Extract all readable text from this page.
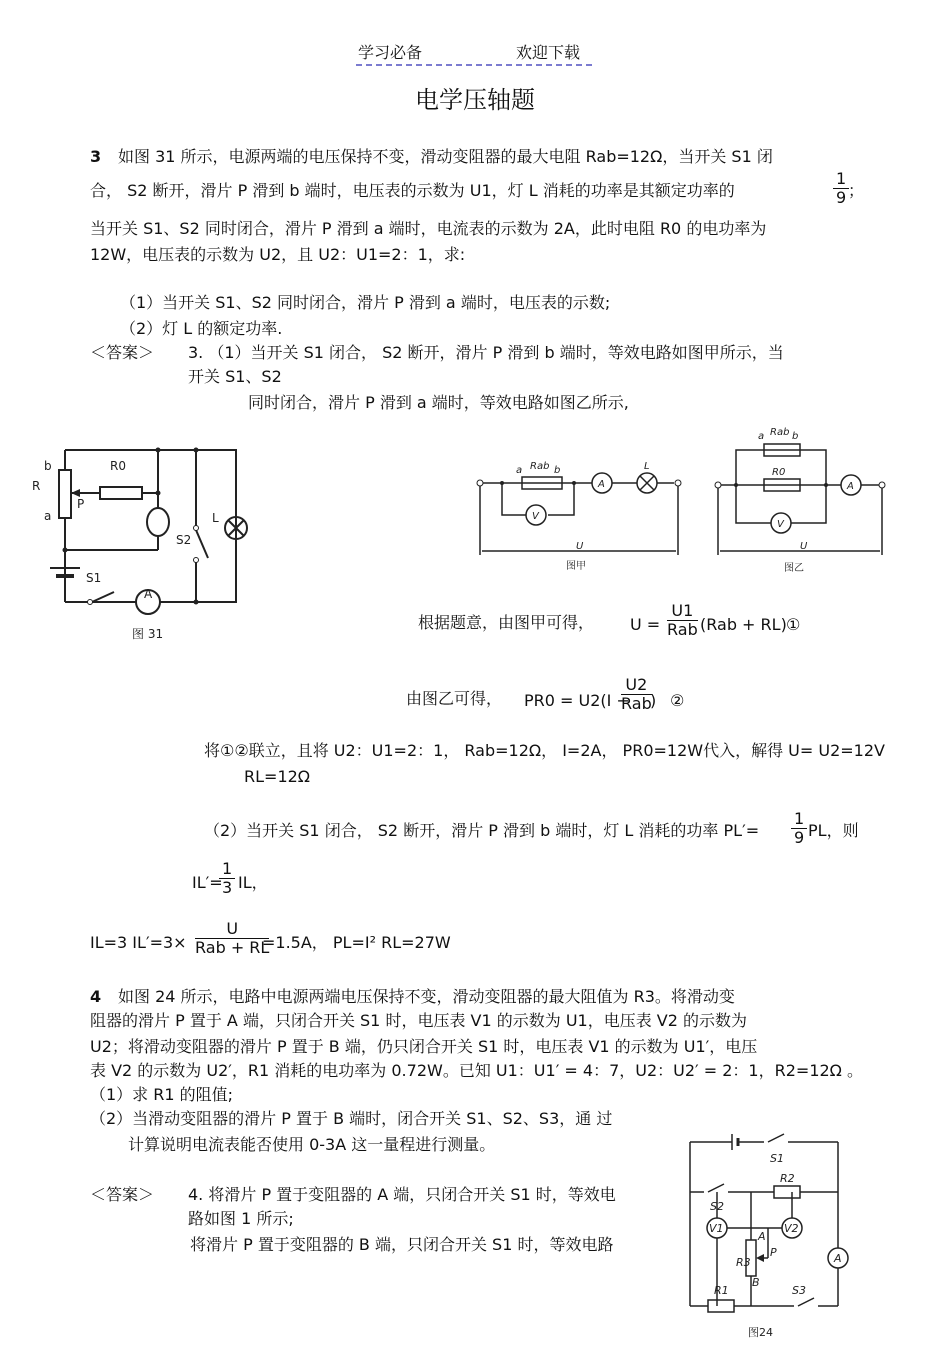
学习必备	欢迎下载
电学压轴题
3 如图 31 所示，电源两端的电压保持不变，滑动变阻器的最大电阻 Rab=12Ω，当开关 S1 闭
合， S2 断开，滑片 P 滑到 b 端时，电压表的示数为 U1，灯 L 消耗的功率是其额定功率的	$\frac{1}{9}$
；
当开关 S1、S2 同时闭合，滑片 P 滑到 a 端时，电流表的示数为 2A，此时电阻 R0 的电功率为
12W，电压表的示数为 U2，且 U2：U1=2：1，求:
（1）当开关 S1、S2 同时闭合，滑片 P 滑到 a 端时，电压表的示数;
（2）灯 L 的额定功率.
＜答案＞ 3. （1）当开关 S1 闭合， S2 断开，滑片 P 滑到 b 端时，等效电路如图甲所示，当
开关 S1、S2
同时闭合，滑片 P 滑到 a 端时，等效电路如图乙所示,
b
R
a
P
R0
L
S2
S1
A
图 31
a Rab b
A
L
V
U
图甲
a Rab b
R0
A
V
U
图乙
根据题意，由图甲可得， $U = \frac{U1}{\text{Rab}} (Rab + RL)$ ①
由图乙可得， PR0 = U2(I −
$\frac{U2}{\text{Rab}}$
) ②
将①②联立，且将 U2：U1=2：1， Rab=12Ω， I=2A， PR0=12W代入，解得 U= U2=12V
RL=12Ω
（2）当开关 S1 闭合， S2 断开，滑片 P 滑到 b 端时，灯 L 消耗的功率 $PL'= \frac{1}{9}$ PL，则
IL′=
$\frac{1}{3}$ IL，
IL=3 $IL'=3\times \frac{U}{\text{Rab + RL}}$
=1.5A， PL=I² RL=27W
4 如图 24 所示，电路中电源两端电压保持不变，滑动变阻器的最大阻值为 R3。将滑动变
阻器的滑片 P 置于 A 端，只闭合开关 S1 时，电压表 V1 的示数为 U1，电压表 V2 的示数为
U2；将滑动变阻器的滑片 P 置于 B 端，仍只闭合开关 S1 时，电压表 V1 的示数为 U1′，电压
表 V2 的示数为 U2′，R1 消耗的电功率为 0.72W。已知 U1：U1′ = 4：7，U2：U2′ = 2：1，R2=12Ω 。
（1）求 R1 的阻值;
（2）当滑动变阻器的滑片 P 置于 B 端时，闭合开关 S1、S2、S3，通 过
计算说明电流表能否使用 0-3A 这一量程进行测量。
＜答案＞ 4. 将滑片 P 置于变阻器的 A 端，只闭合开关 S1 时，等效电
路如图 1 所示;
将滑片 P 置于变阻器的 B 端，只闭合开关 S1 时，等效电路
S1
R2
S2
V1	V2
A
A
R3
P
B
R1	S3
图24
